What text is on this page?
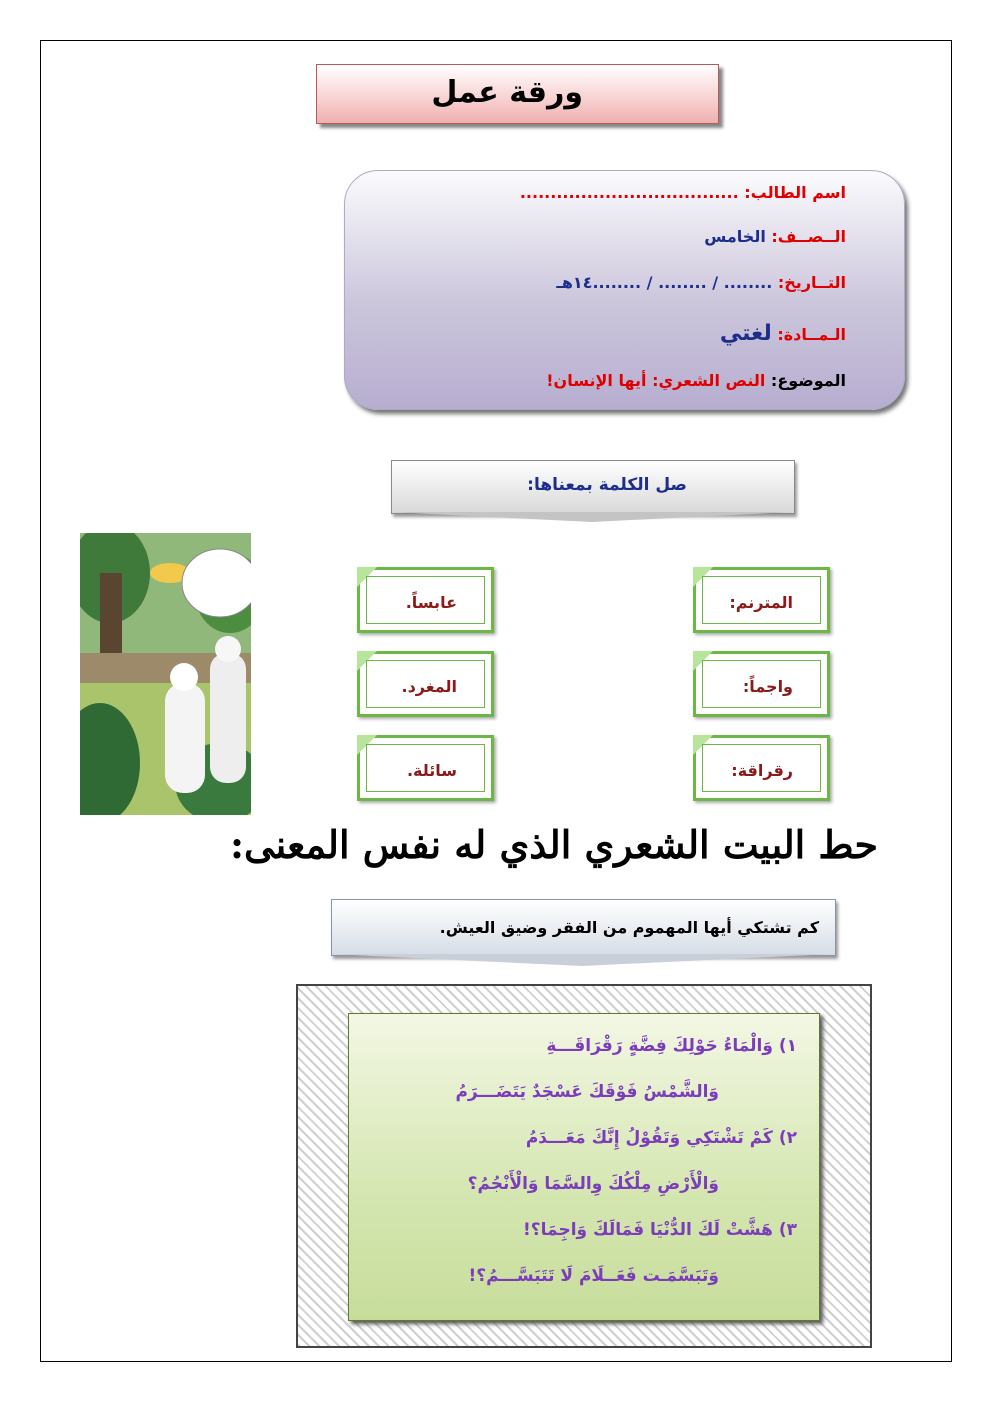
ورقة عمل
اسم الطالب: ....................................
الــصــف: الخامس
التــاريخ: ........ / ........ / ........١٤هـ
الـمــادة: لغتي
الموضوع: النص الشعري: أيها الإنسان!
صل الكلمة بمعناها:
المترنم:
واجماً:
رقراقة:
عابساً.
المغرد.
سائلة.
حط البيت الشعري الذي له نفس المعنى:
كم تشتكي أيها المهموم من الفقر وضيق العيش.
١) وَالْمَاءُ حَوْلِكَ فِضَّةٍ رَقْرَاقَـــةِ
وَالشَّمْسُ فَوْقَكَ عَسْجَدٌ يَتَضَـــرَمُ
٢) كَمْ تَشْتَكِي وَتَقُوْلُ إِنَّكَ مَعَـــدَمُ
وَالْأَرْضِ مِلْكُكَ وِالسَّمَا وَالْأَنْجُمُ؟
٣) هَشَّتْ لَكَ الدُّنْيَا فَمَالَكَ وَاجِمَا؟!
وَتَبَسَّمَـت فَعَــلَامَ لَا تَتَبَسَّـــمُ؟!
